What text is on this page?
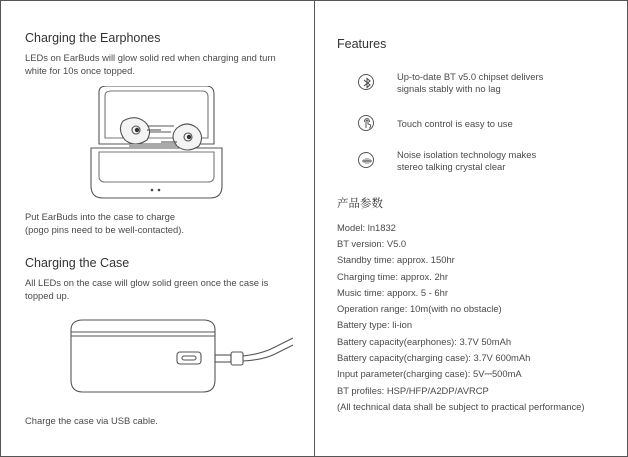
Charging the Earphones
LEDs on EarBuds will glow solid red when charging and turn
white for 10s once topped.
Put EarBuds into the case to charge
(pogo pins need to be well-contacted).
Charging the Case
All LEDs on the case will glow solid green once the case is
topped up.
Charge the case via USB cable.
Features
Up-to-date BT v5.0 chipset delivers
signals stably with no lag
Touch control is easy to use
Noise isolation technology makes
stereo talking crystal clear
产品参数
Model: ln1832
BT version: V5.0
Standby time: approx. 150hr
Charging time: approx. 2hr
Music time: apporx. 5 - 6hr
Operation range: 10m(with no obstacle)
Battery type: li-ion
Battery capacity(earphones): 3.7V 50mAh
Battery capacity(charging case): 3.7V 600mAh
Input parameter(charging case): 5V⎓500mA
BT profiles: HSP/HFP/A2DP/AVRCP
(All technical data shall be subject to practical performance)
